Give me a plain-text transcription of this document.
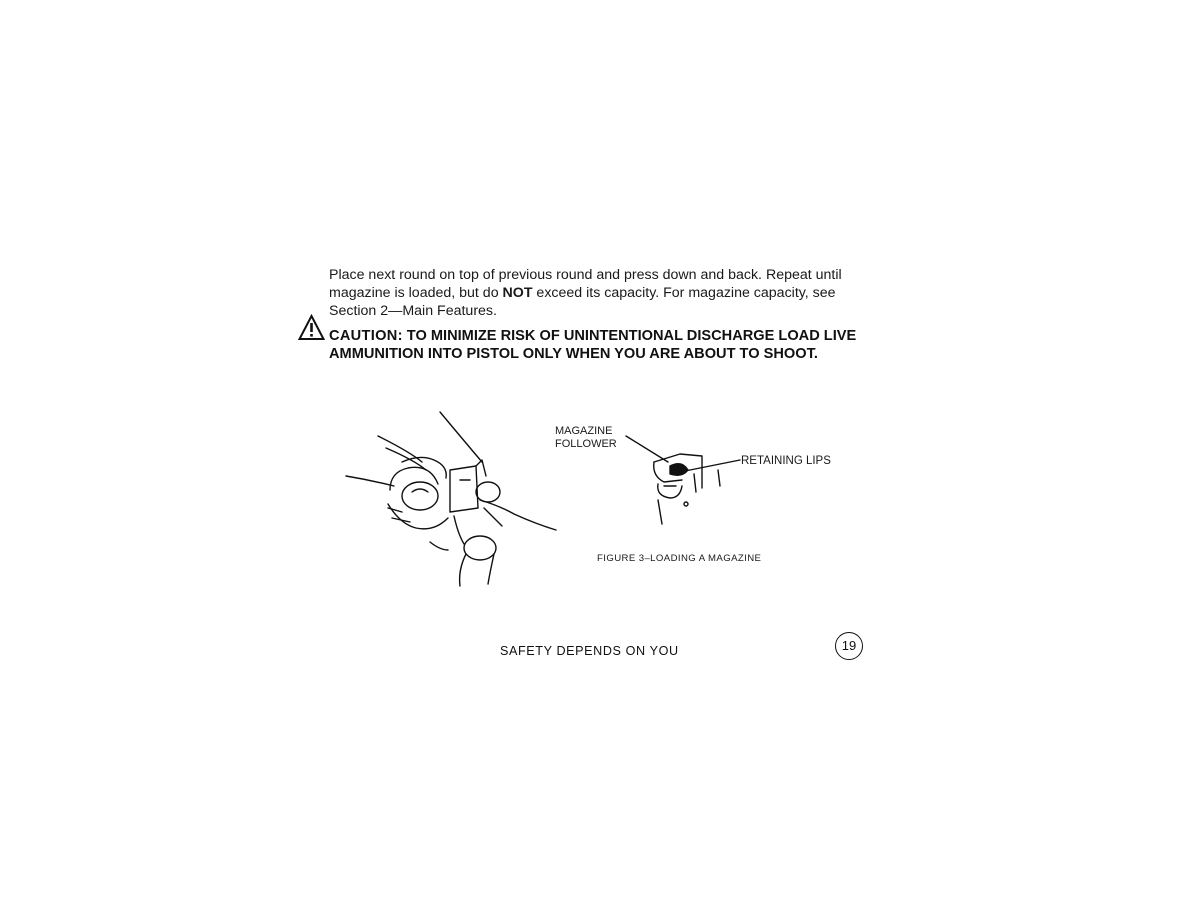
Place next round on top of previous round and press down and back. Repeat until magazine is loaded, but do NOT exceed its capacity. For magazine capacity, see Section 2—Main Features.
CAUTION: TO MINIMIZE RISK OF UNINTENTIONAL DISCHARGE LOAD LIVE AMMUNITION INTO PISTOL ONLY WHEN YOU ARE ABOUT TO SHOOT.
MAGAZINE
FOLLOWER
RETAINING LIPS
FIGURE 3–LOADING A MAGAZINE
SAFETY DEPENDS ON YOU	19
